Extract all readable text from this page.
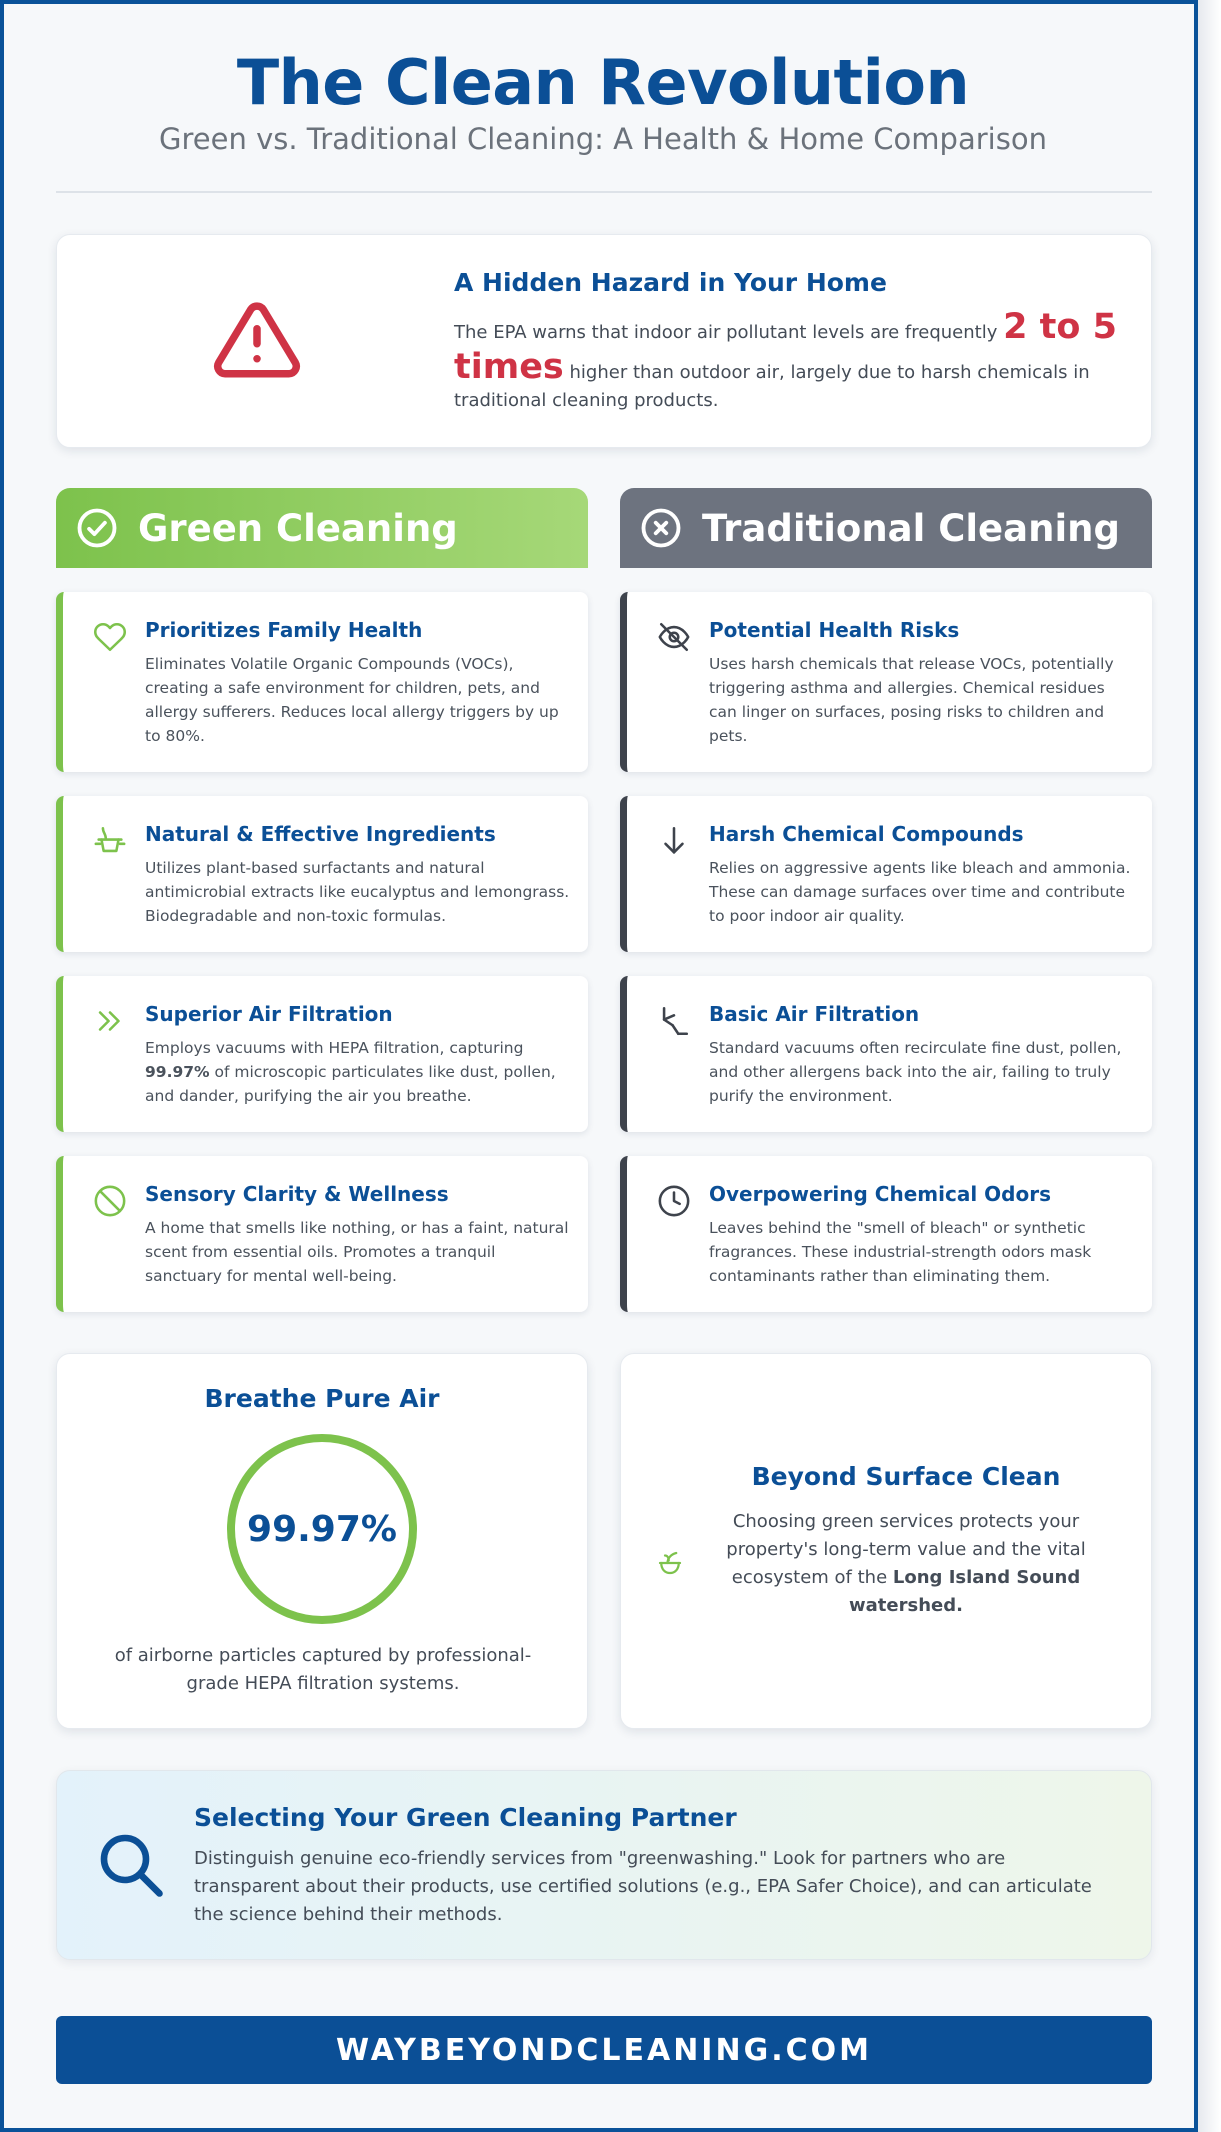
The Clean Revolution
Green vs. Traditional Cleaning: A Health & Home Comparison
A Hidden Hazard in Your Home
The EPA warns that indoor air pollutant levels are frequently 2 to 5 times higher than outdoor air, largely due to harsh chemicals in traditional cleaning products.
Green Cleaning	Traditional Cleaning
Prioritizes Family Health

Eliminates Volatile Organic Compounds (VOCs), creating a safe environment for children, pets, and allergy sufferers. Reduces local allergy triggers by up to 80%.

Natural & Effective Ingredients

Utilizes plant-based surfactants and natural antimicrobial extracts like eucalyptus and lemongrass. Biodegradable and non-toxic formulas.

Superior Air Filtration

Employs vacuums with HEPA filtration, capturing 99.97% of microscopic particulates like dust, pollen, and dander, purifying the air you breathe.

Sensory Clarity & Wellness

A home that smells like nothing, or has a faint, natural scent from essential oils. Promotes a tranquil sanctuary for mental well-being.

Potential Health Risks

Uses harsh chemicals that release VOCs, potentially triggering asthma and allergies. Chemical residues can linger on surfaces, posing risks to children and pets.

Harsh Chemical Compounds

Relies on aggressive agents like bleach and ammonia. These can damage surfaces over time and contribute to poor indoor air quality.

Basic Air Filtration

Standard vacuums often recirculate fine dust, pollen, and other allergens back into the air, failing to truly purify the environment.

Overpowering Chemical Odors

Leaves behind the "smell of bleach" or synthetic fragrances. These industrial-strength odors mask contaminants rather than eliminating them.

Breathe Pure Air
99.97%

of airborne particles captured by professional-grade HEPA filtration systems.

Beyond Surface Clean

Choosing green services protects your property's long-term value and the vital ecosystem of the Long Island Sound watershed.

Selecting Your Green Cleaning Partner

Distinguish genuine eco-friendly services from "greenwashing." Look for partners who are transparent about their products, use certified solutions (e.g., EPA Safer Choice), and can articulate the science behind their methods.

WAYBEYONDCLEANING.COM
